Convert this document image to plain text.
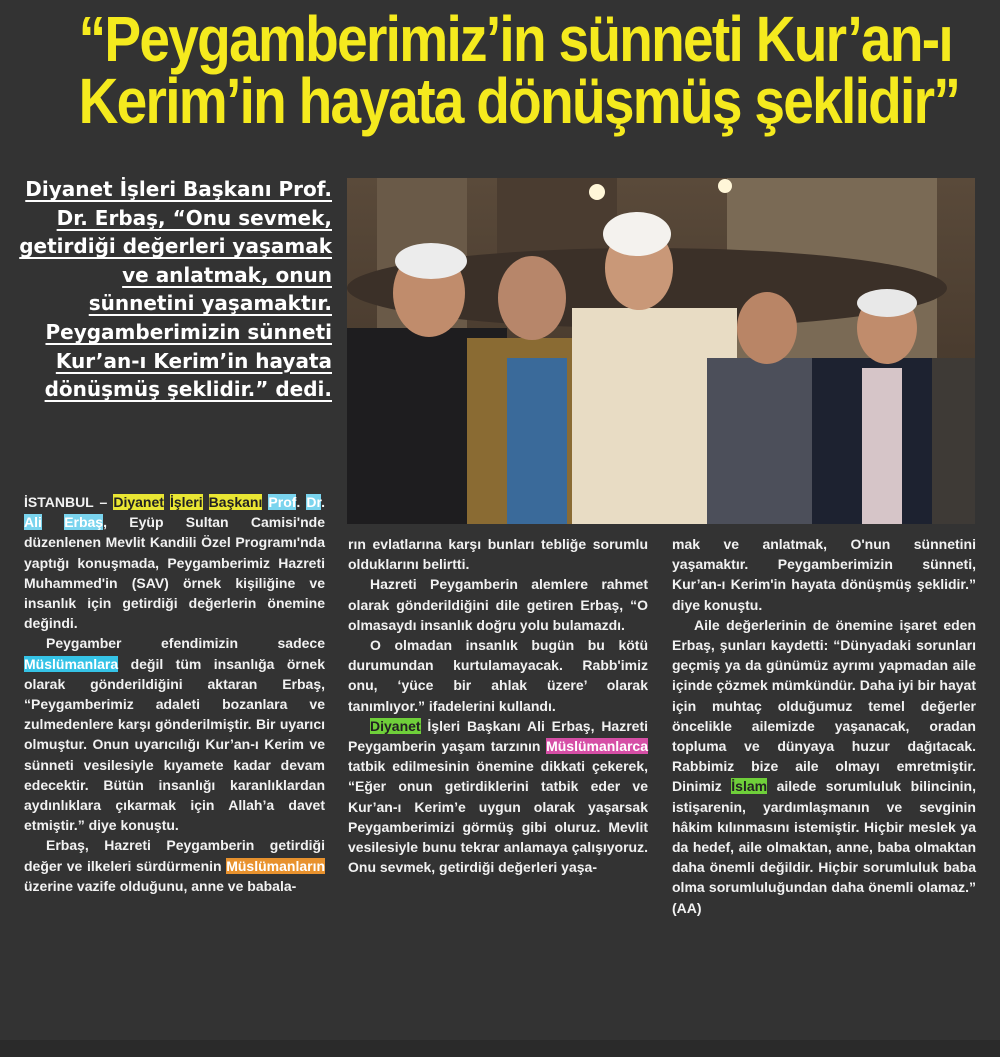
“Peygamberimiz’in sünneti Kur’an-ı
Kerim’in hayata dönüşmüş şeklidir”

Diyanet İşleri Başkanı Prof. Dr. Erbaş, “Onu sevmek, getirdiği değerleri yaşamak ve anlatmak, onun sünnetini yaşamaktır. Peygamberimizin sünneti Kur’an-ı Kerim’in hayata dönüşmüş şeklidir.” dedi.

İSTANBUL – Diyanet İşleri Başkanı Prof. Dr. Ali Erbaş, Eyüp Sultan Camisi'nde düzenlenen Mevlit Kandili Özel Programı'nda yaptığı konuşmada, Peygamberimiz Hazreti Muhammed'in (SAV) örnek kişiliğine ve insanlık için getirdiği değerlerin önemine değindi.

Peygamber efendimizin sadece Müslümanlara değil tüm insanlığa örnek olarak gönderildiğini aktaran Erbaş, “Peygamberimiz adaleti bozanlara ve zulmedenlere karşı gönderilmiştir. Bir uyarıcı olmuştur. Onun uyarıcılığı Kur’an-ı Kerim ve sünneti vesilesiyle kıyamete kadar devam edecektir. Bütün insanlığı karanlıklardan aydınlıklara çıkarmak için Allah’a davet etmiştir.” diye konuştu.

Erbaş, Hazreti Peygamberin getirdiği değer ve ilkeleri sürdürmenin Müslümanların üzerine vazife olduğunu, anne ve babala-

rın evlatlarına karşı bunları tebliğe sorumlu olduklarını belirtti.

Hazreti Peygamberin alemlere rahmet olarak gönderildiğini dile getiren Erbaş, “O olmasaydı insanlık doğru yolu bulamazdı.

O olmadan insanlık bugün bu kötü durumundan kurtulamayacak. Rabb'imiz onu, ‘yüce bir ahlak üzere’ olarak tanımlıyor.” ifadelerini kullandı.

Diyanet İşleri Başkanı Ali Erbaş, Hazreti Peygamberin yaşam tarzının Müslümanlarca tatbik edilmesinin önemine dikkati çekerek, “Eğer onun getirdiklerini tatbik eder ve Kur’an-ı Kerim’e uygun olarak yaşarsak Peygamberimizi görmüş gibi oluruz. Mevlit vesilesiyle bunu tekrar anlamaya çalışıyoruz. Onu sevmek, getirdiği değerleri yaşa-

mak ve anlatmak, O'nun sünnetini yaşamaktır. Peygamberimizin sünneti, Kur’an-ı Kerim'in hayata dönüşmüş şeklidir.” diye konuştu.

Aile değerlerinin de önemine işaret eden Erbaş, şunları kaydetti: “Dünyadaki sorunları geçmiş ya da günümüz ayrımı yapmadan aile içinde çözmek mümkündür. Daha iyi bir hayat için muhtaç olduğumuz temel değerler öncelikle ailemizde yaşanacak, oradan topluma ve dünyaya huzur dağıtacak. Rabbimiz bize aile olmayı emretmiştir. Dinimiz İslam ailede sorumluluk bilincinin, istişarenin, yardımlaşmanın ve sevginin hâkim kılınmasını istemiştir. Hiçbir meslek ya da hedef, aile olmaktan, anne, baba olmaktan daha önemli değildir. Hiçbir sorumluluk baba olma sorumluluğundan daha önemli olamaz.” (AA)
